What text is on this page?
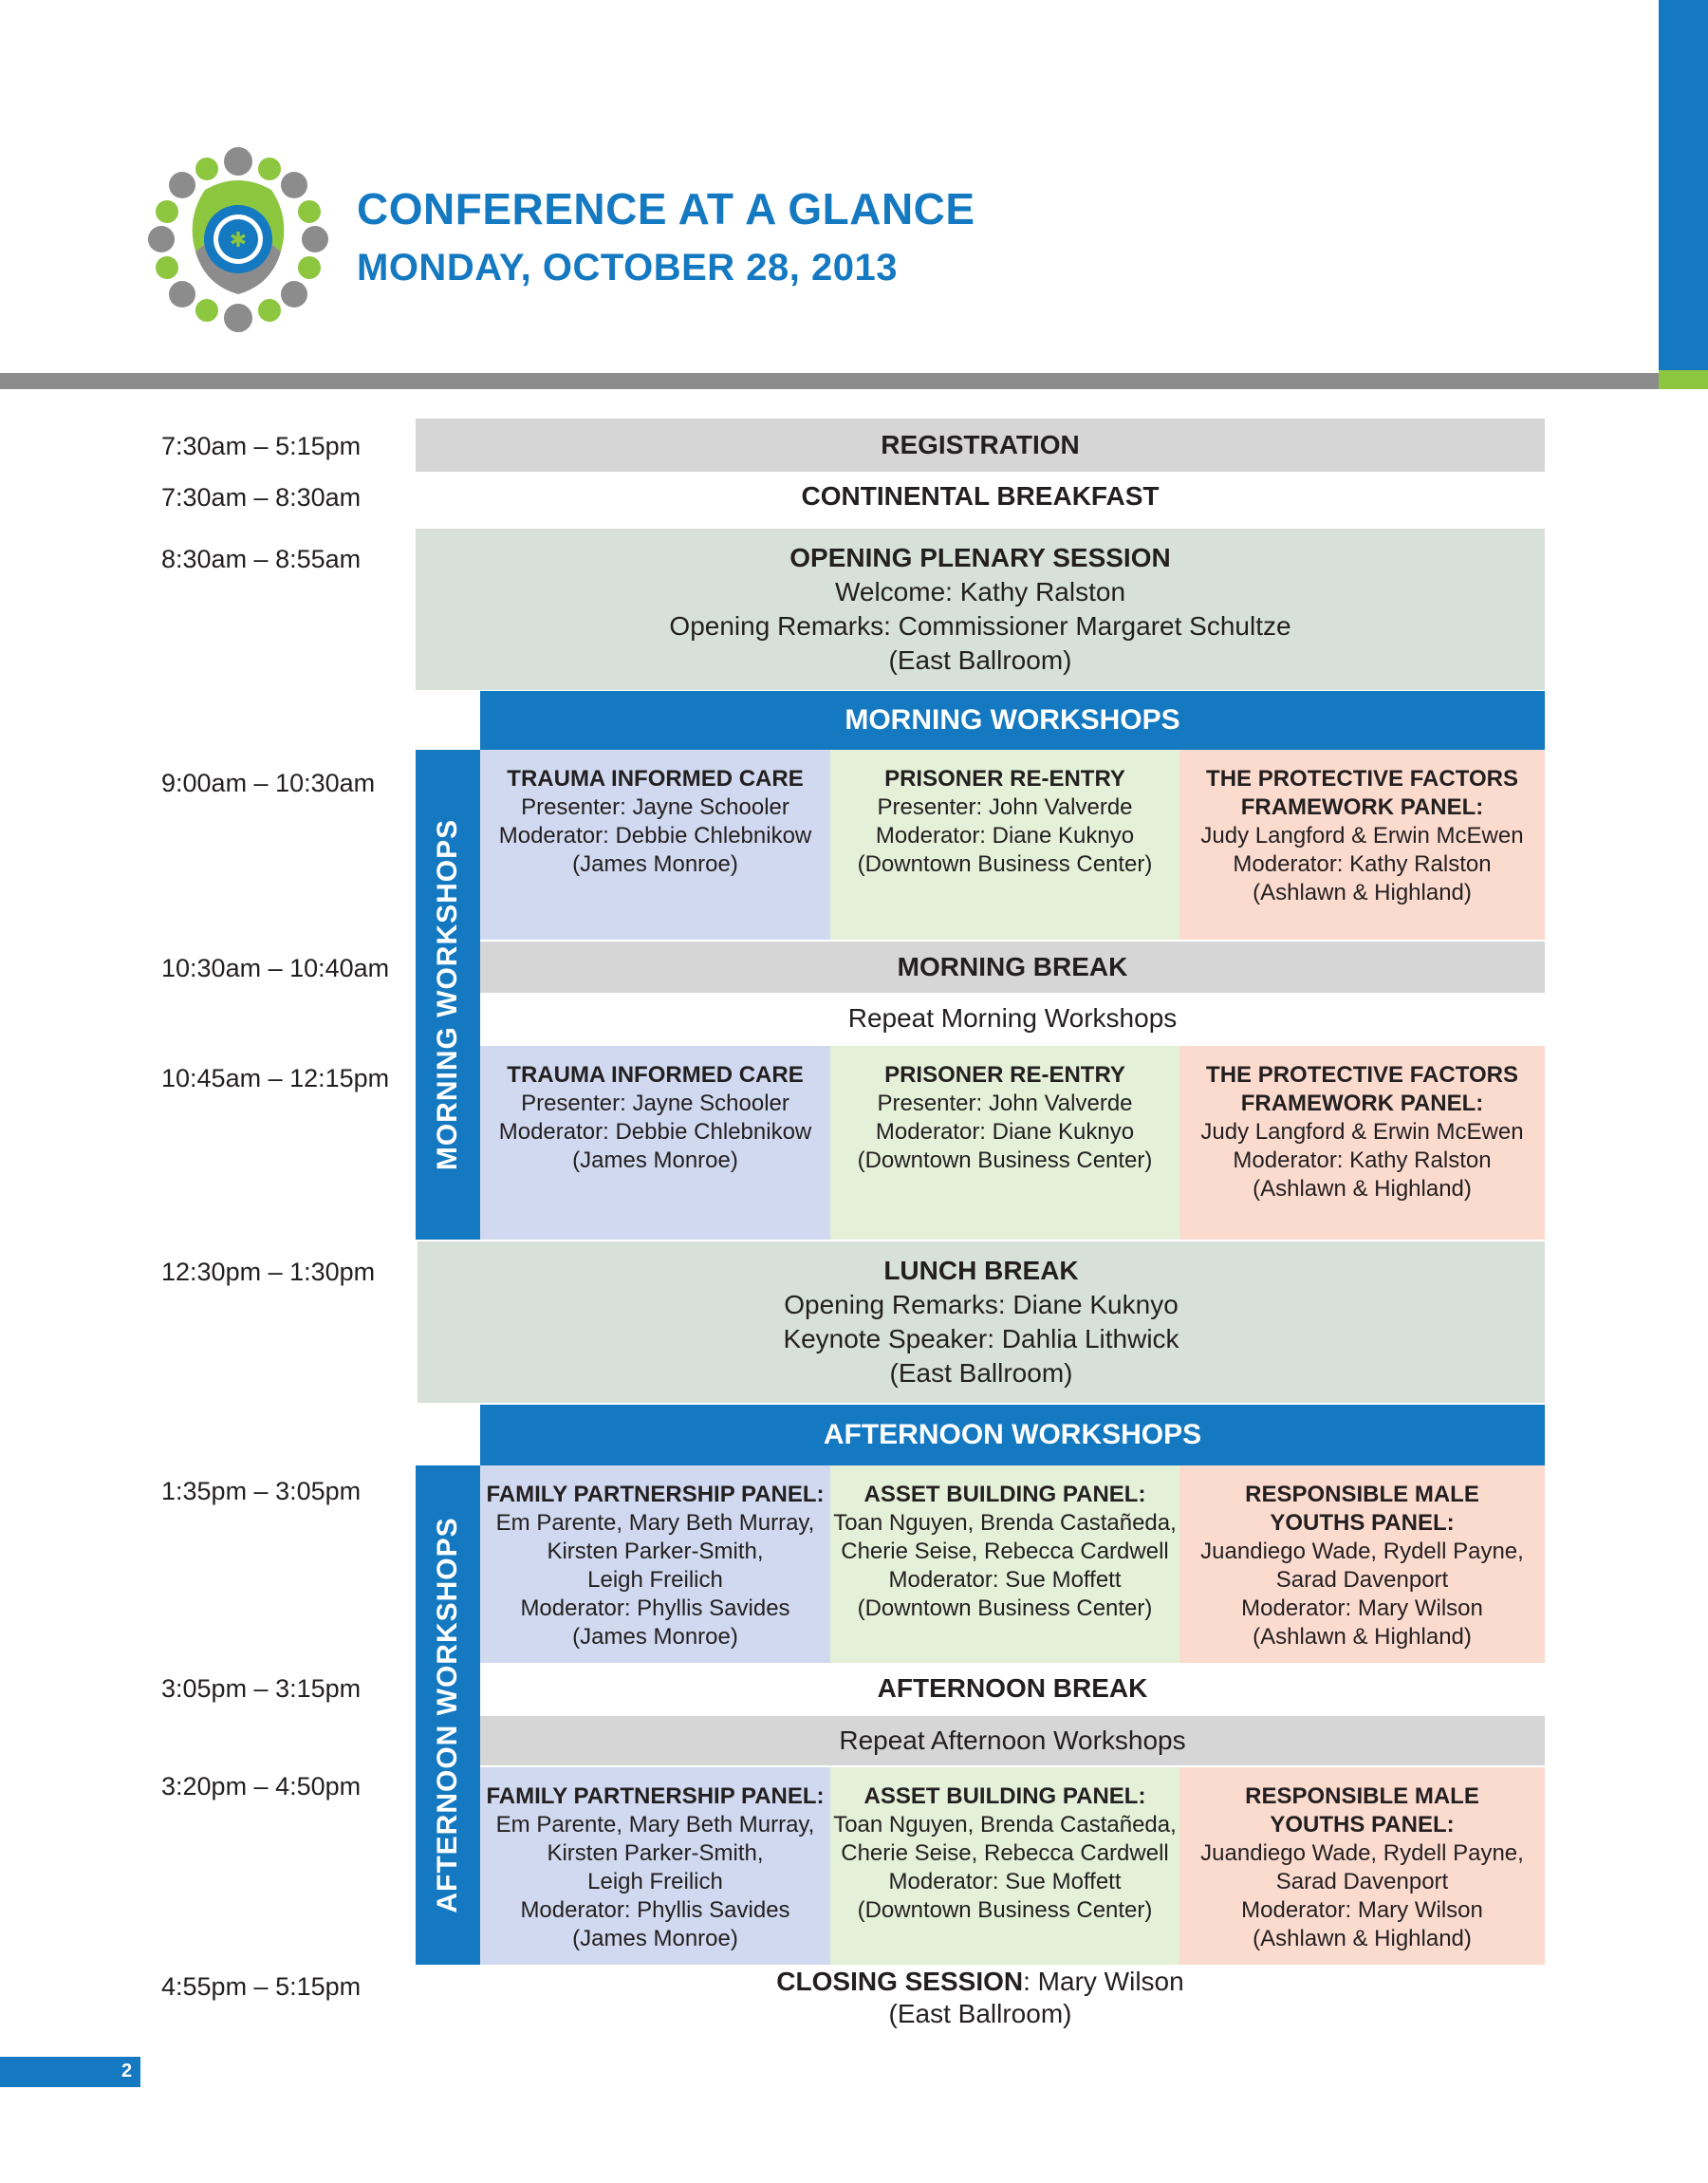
✱
CONFERENCE AT A GLANCE
MONDAY, OCTOBER 28, 2013
7:30am – 5:15pm
7:30am – 8:30am
8:30am – 8:55am
9:00am – 10:30am
10:30am – 10:40am
10:45am – 12:15pm
12:30pm – 1:30pm
1:35pm – 3:05pm
3:05pm – 3:15pm
3:20pm – 4:50pm
4:55pm – 5:15pm
REGISTRATION
CONTINENTAL BREAKFAST
OPENING PLENARY SESSION
Welcome: Kathy Ralston
Opening Remarks: Commissioner Margaret Schultze
(East Ballroom)
MORNING WORKSHOPS
MORNING WORKSHOPS
TRAUMA INFORMED CARE
Presenter: Jayne Schooler
Moderator: Debbie Chlebnikow
(James Monroe)
PRISONER RE-ENTRY
Presenter: John Valverde
Moderator: Diane Kuknyo
(Downtown Business Center)
THE PROTECTIVE FACTORS
FRAMEWORK PANEL:
Judy Langford & Erwin McEwen
Moderator: Kathy Ralston
(Ashlawn & Highland)
MORNING BREAK
Repeat Morning Workshops
TRAUMA INFORMED CARE
Presenter: Jayne Schooler
Moderator: Debbie Chlebnikow
(James Monroe)
PRISONER RE-ENTRY
Presenter: John Valverde
Moderator: Diane Kuknyo
(Downtown Business Center)
THE PROTECTIVE FACTORS
FRAMEWORK PANEL:
Judy Langford & Erwin McEwen
Moderator: Kathy Ralston
(Ashlawn & Highland)
LUNCH BREAK
Opening Remarks: Diane Kuknyo
Keynote Speaker: Dahlia Lithwick
(East Ballroom)
AFTERNOON WORKSHOPS
AFTERNOON WORKSHOPS
FAMILY PARTNERSHIP PANEL:
Em Parente, Mary Beth Murray,
Kirsten Parker-Smith,
Leigh Freilich
Moderator: Phyllis Savides
(James Monroe)
ASSET BUILDING PANEL:
Toan Nguyen, Brenda Castañeda,
Cherie Seise, Rebecca Cardwell
Moderator: Sue Moffett
(Downtown Business Center)
RESPONSIBLE MALE
YOUTHS PANEL:
Juandiego Wade, Rydell Payne,
Sarad Davenport
Moderator: Mary Wilson
(Ashlawn & Highland)
AFTERNOON BREAK
Repeat Afternoon Workshops
FAMILY PARTNERSHIP PANEL:
Em Parente, Mary Beth Murray,
Kirsten Parker-Smith,
Leigh Freilich
Moderator: Phyllis Savides
(James Monroe)
ASSET BUILDING PANEL:
Toan Nguyen, Brenda Castañeda,
Cherie Seise, Rebecca Cardwell
Moderator: Sue Moffett
(Downtown Business Center)
RESPONSIBLE MALE
YOUTHS PANEL:
Juandiego Wade, Rydell Payne,
Sarad Davenport
Moderator: Mary Wilson
(Ashlawn & Highland)
CLOSING SESSION: Mary Wilson
(East Ballroom)
2
